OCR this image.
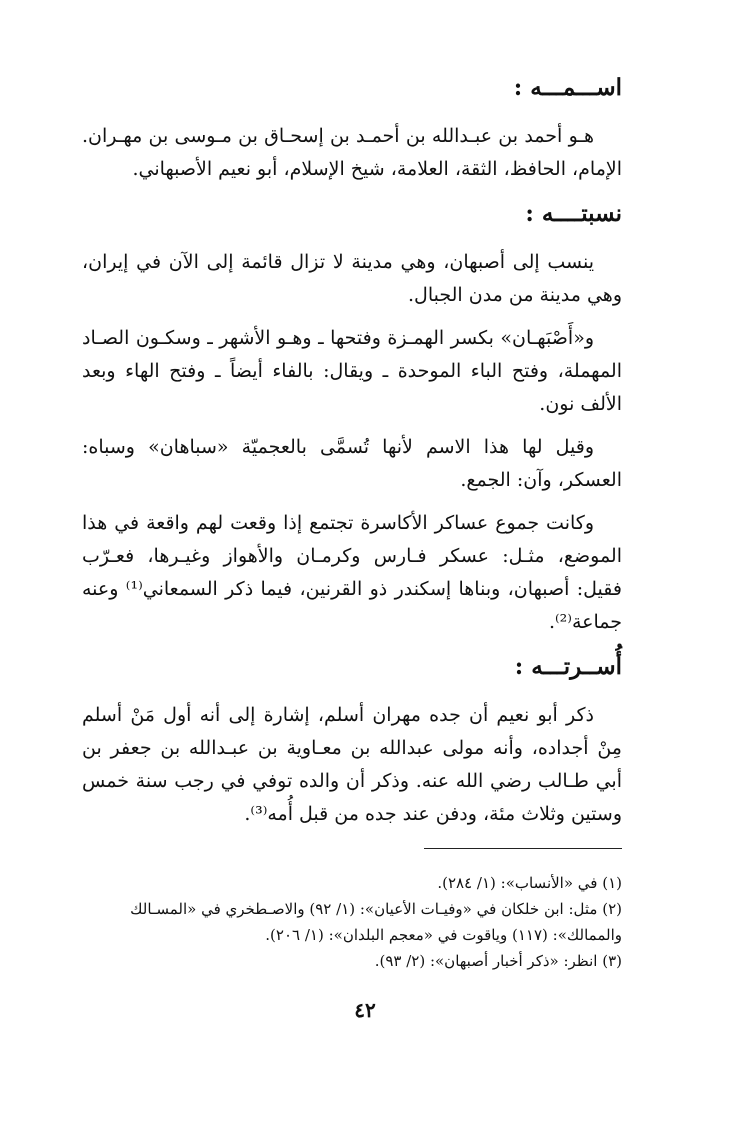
اســـمـــه :

هـو أحمد بن عبـدالله بن أحمـد بن إسحـاق بن مـوسى بن مهـران. الإمام، الحافظ، الثقة، العلامة، شيخ الإسلام، أبو نعيم الأصبهاني.

نسبتــــه :

ينسب إلى أصبهان، وهي مدينة لا تزال قائمة إلى الآن في إيران، وهي مدينة من مدن الجبال.

و«أَصْبَهـان» بكسر الهمـزة وفتحها ـ وهـو الأشهر ـ وسكـون الصـاد المهملة، وفتح الباء الموحدة ـ ويقال: بالفاء أيضاً ـ وفتح الهاء وبعد الألف نون.

وقيل لها هذا الاسم لأنها تُسمَّى بالعجميّة «سباهان» وسباه: العسكر، وآن: الجمع.

وكانت جموع عساكر الأكاسرة تجتمع إذا وقعت لهم واقعة في هذا الموضع، مثـل: عسكر فـارس وكرمـان والأهواز وغيـرها، فعـرّب فقيل: أصبهان، وبناها إسكندر ذو القرنين، فيما ذكر السمعاني⁽¹⁾ وعنه جماعة⁽²⁾.

أُســرتـــه :

ذكر أبو نعيم أن جده مهران أسلم، إشارة إلى أنه أول مَنْ أسلم مِنْ أجداده، وأنه مولى عبدالله بن معـاوية بن عبـدالله بن جعفر بن أبي طـالب رضي الله عنه. وذكر أن والده توفي في رجب سنة خمس وستين وثلاث مئة، ودفن عند جده من قبل أُمه⁽³⁾.

(١) في «الأنساب»: (١/ ٢٨٤).

(٢) مثل: ابن خلكان في «وفيـات الأعيان»: (١/ ٩٢) والاصـطخري في «المسـالك والممالك»: (١١٧) وياقوت في «معجم البلدان»: (١/ ٢٠٦).

(٣) انظر: «ذكر أخبار أصبهان»: (٢/ ٩٣).

٤٢
